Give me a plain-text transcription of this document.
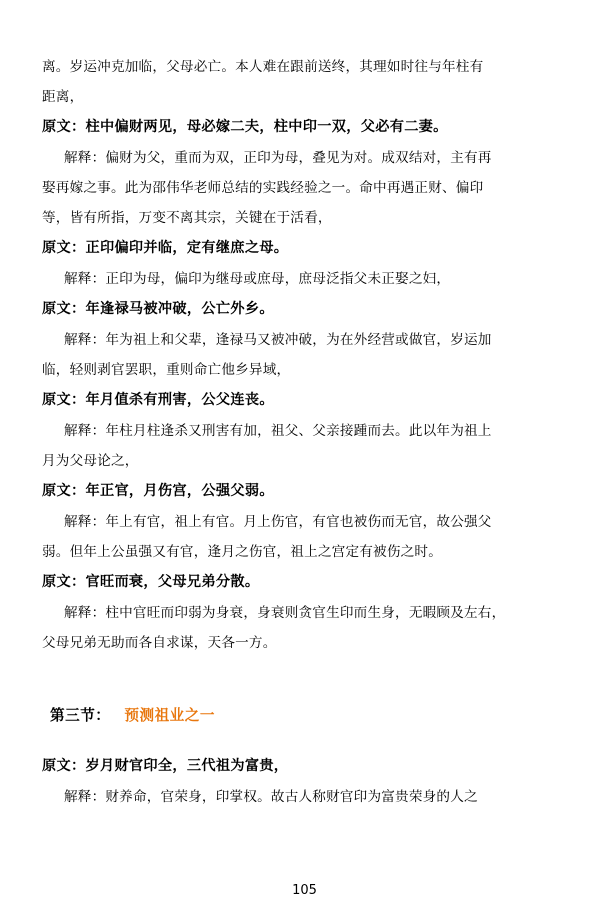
离。岁运冲克加临，父母必亡。本人难在跟前送终，其理如时往与年柱有
距离，
原文：柱中偏财两见，母必嫁二夫，柱中印一双，父必有二妻。
解释：偏财为父，重而为双，正印为母，叠见为对。成双结对，主有再
娶再嫁之事。此为邵伟华老师总结的实践经验之一。命中再遇正财、偏印
等，皆有所指，万变不离其宗，关键在于活看，
原文：正印偏印并临，定有继庶之母。
解释：正印为母，偏印为继母或庶母，庶母泛指父未正娶之妇，
原文：年逢禄马被冲破，公亡外乡。
解释：年为祖上和父辈，逢禄马又被冲破，为在外经营或做官，岁运加
临，轻则剥官罢职，重则命亡他乡异域，
原文：年月值杀有刑害，公父连丧。
解释：年柱月柱逢杀又刑害有加，祖父、父亲接踵而去。此以年为祖上
月为父母论之，
原文：年正官，月伤宫，公强父弱。
解释：年上有官，祖上有官。月上伤官，有官也被伤而无官，故公强父
弱。但年上公虽强又有官，逢月之伤官，祖上之宫定有被伤之时。
原文：官旺而衰，父母兄弟分散。
解释：柱中官旺而印弱为身衰，身衰则贪官生印而生身，无暇顾及左右，
父母兄弟无助而各自求谋，天各一方。
第三节： 预测祖业之一
原文：岁月财官印全，三代祖为富贵，
解释：财养命，官荣身，印掌权。故古人称财官印为富贵荣身的人之
105
